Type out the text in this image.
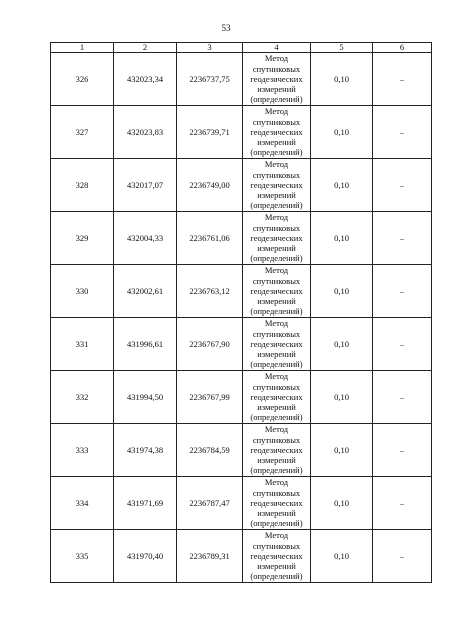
53
1	2	3	4	5	6
326	432023,34	2236737,75	Метод
спутниковых
геодезических
измерений
(определений)	0,10	–
327	432023,83	2236739,71	Метод
спутниковых
геодезических
измерений
(определений)	0,10	–
328	432017,07	2236749,00	Метод
спутниковых
геодезических
измерений
(определений)	0,10	–
329	432004,33	2236761,06	Метод
спутниковых
геодезических
измерений
(определений)	0,10	–
330	432002,61	2236763,12	Метод
спутниковых
геодезических
измерений
(определений)	0,10	–
331	431996,61	2236767,90	Метод
спутниковых
геодезических
измерений
(определений)	0,10	–
332	431994,50	2236767,99	Метод
спутниковых
геодезических
измерений
(определений)	0,10	–
333	431974,38	2236784,59	Метод
спутниковых
геодезических
измерений
(определений)	0,10	–
334	431971,69	2236787,47	Метод
спутниковых
геодезических
измерений
(определений)	0,10	–
335	431970,40	2236789,31	Метод
спутниковых
геодезических
измерений
(определений)	0,10	–
